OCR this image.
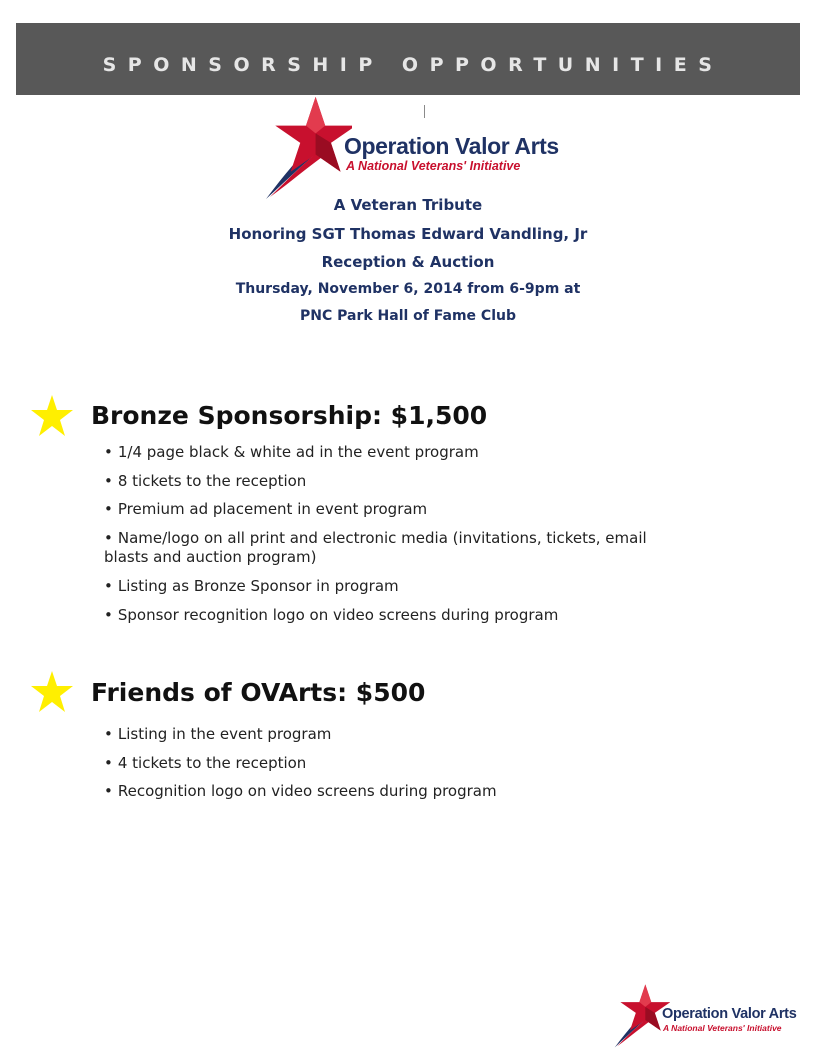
SPONSORSHIP OPPORTUNITIES
Operation Valor Arts
A National Veterans' Initiative
A Veteran Tribute
Honoring SGT Thomas Edward Vandling, Jr
Reception & Auction
Thursday, November 6, 2014 from 6-9pm at
PNC Park Hall of Fame Club
Bronze Sponsorship: $1,500
• 1/4 page black & white ad in the event program
• 8 tickets to the reception
• Premium ad placement in event program
• Name/logo on all print and electronic media (invitations, tickets, email blasts and auction program)
• Listing as Bronze Sponsor in program
• Sponsor recognition logo on video screens during program
Friends of OVArts: $500
• Listing in the event program
• 4 tickets to the reception
• Recognition logo on video screens during program
Operation Valor Arts
A National Veterans' Initiative
